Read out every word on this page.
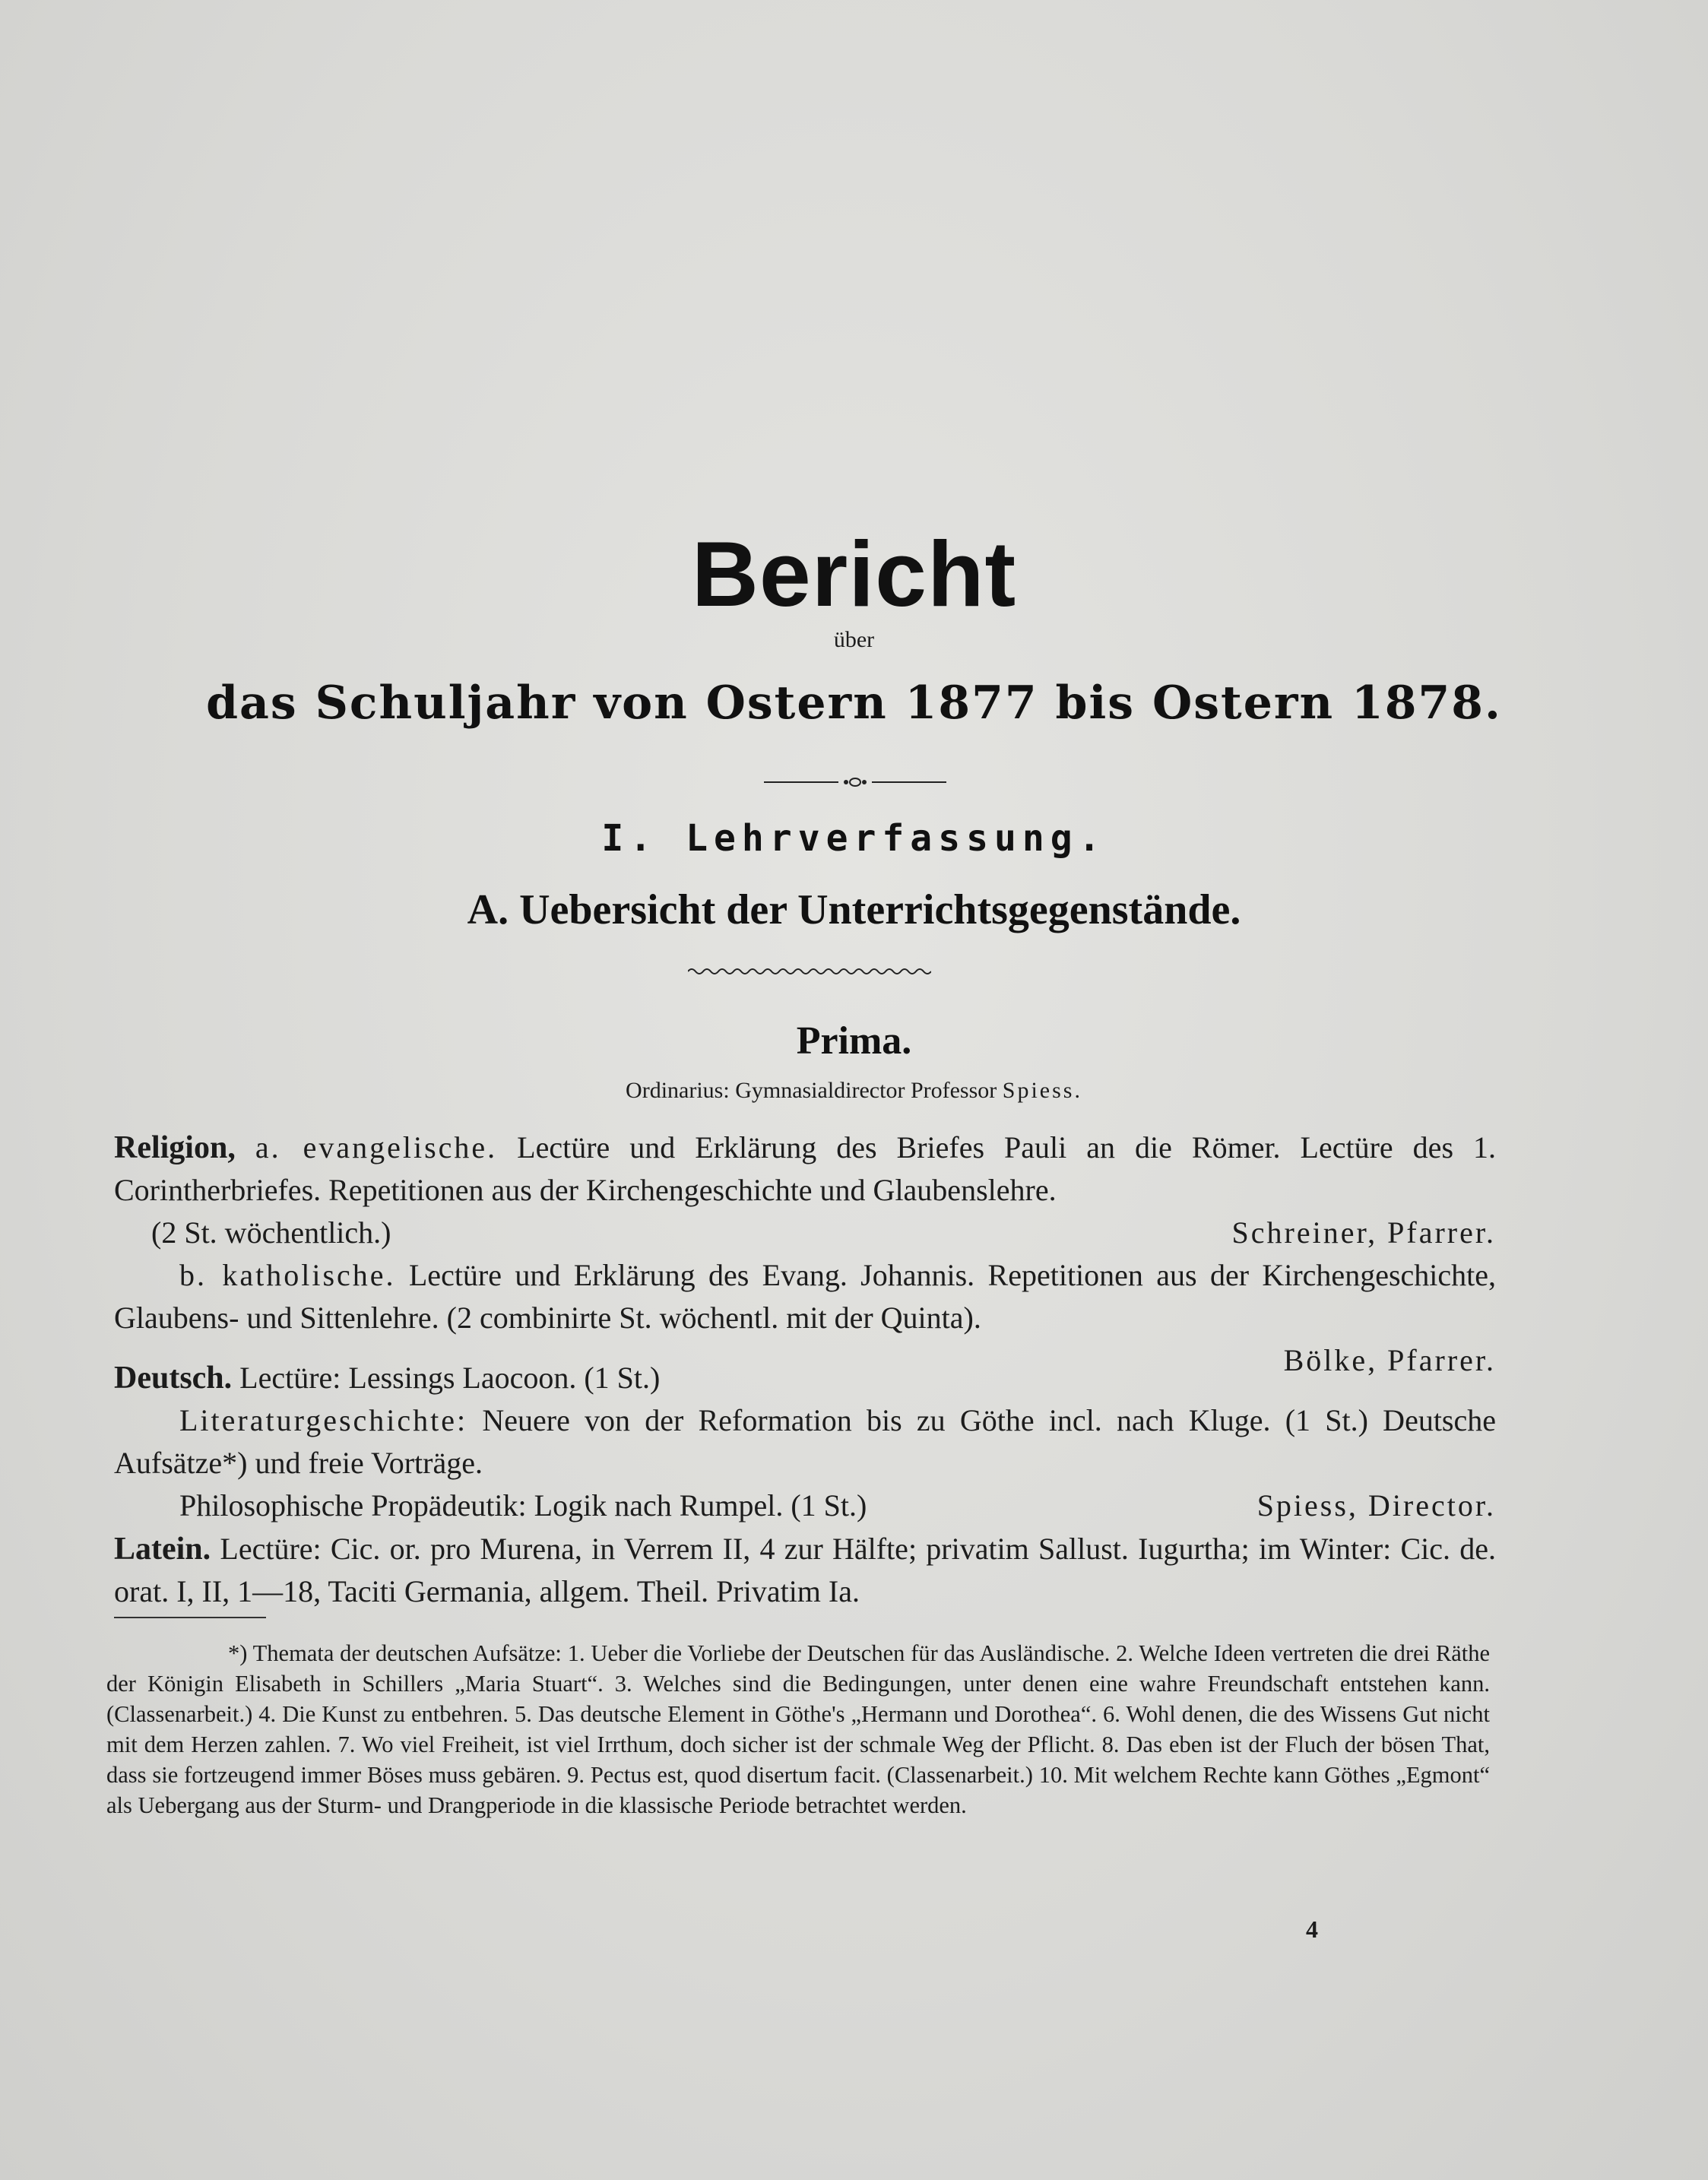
Bericht
über
das Schuljahr von Ostern 1877 bis Ostern 1878.
I. Lehrverfassung.
A. Uebersicht der Unterrichtsgegenstände.
Prima.
Ordinarius: Gymnasialdirector Professor Spiess.

Religion, a. evangelische. Lectüre und Erklärung des Briefes Pauli an die Römer. Lectüre des 1. Corintherbriefes. Repetitionen aus der Kirchengeschichte und Glaubenslehre.

(2 St. wöchentlich.)	Schreiner, Pfarrer.

b. katholische. Lectüre und Erklärung des Evang. Johannis. Repetitionen aus der Kirchengeschichte, Glaubens- und Sittenlehre. (2 combinirte St. wöchentl. mit der Quinta).

Bölke, Pfarrer.

Deutsch. Lectüre: Lessings Laocoon. (1 St.)

Literaturgeschichte: Neuere von der Reformation bis zu Göthe incl. nach Kluge. (1 St.) Deutsche Aufsätze*) und freie Vorträge.

Philosophische Propädeutik: Logik nach Rumpel. (1 St.)	Spiess, Director.

Latein. Lectüre: Cic. or. pro Murena, in Verrem II, 4 zur Hälfte; privatim Sallust. Iugurtha; im Winter: Cic. de. orat. I, II, 1—18, Taciti Germania, allgem. Theil. Privatim Ia.

*) Themata der deutschen Aufsätze: 1. Ueber die Vorliebe der Deutschen für das Ausländische. 2. Welche Ideen vertreten die drei Räthe der Königin Elisabeth in Schillers „Maria Stuart“. 3. Welches sind die Bedingungen, unter denen eine wahre Freundschaft entstehen kann. (Classenarbeit.) 4. Die Kunst zu entbehren. 5. Das deutsche Element in Göthe's „Hermann und Dorothea“. 6. Wohl denen, die des Wissens Gut nicht mit dem Herzen zahlen. 7. Wo viel Freiheit, ist viel Irrthum, doch sicher ist der schmale Weg der Pflicht. 8. Das eben ist der Fluch der bösen That, dass sie fortzeugend immer Böses muss gebären. 9. Pectus est, quod disertum facit. (Classenarbeit.) 10. Mit welchem Rechte kann Göthes „Egmont“ als Uebergang aus der Sturm- und Drangperiode in die klassische Periode betrachtet werden.
4
